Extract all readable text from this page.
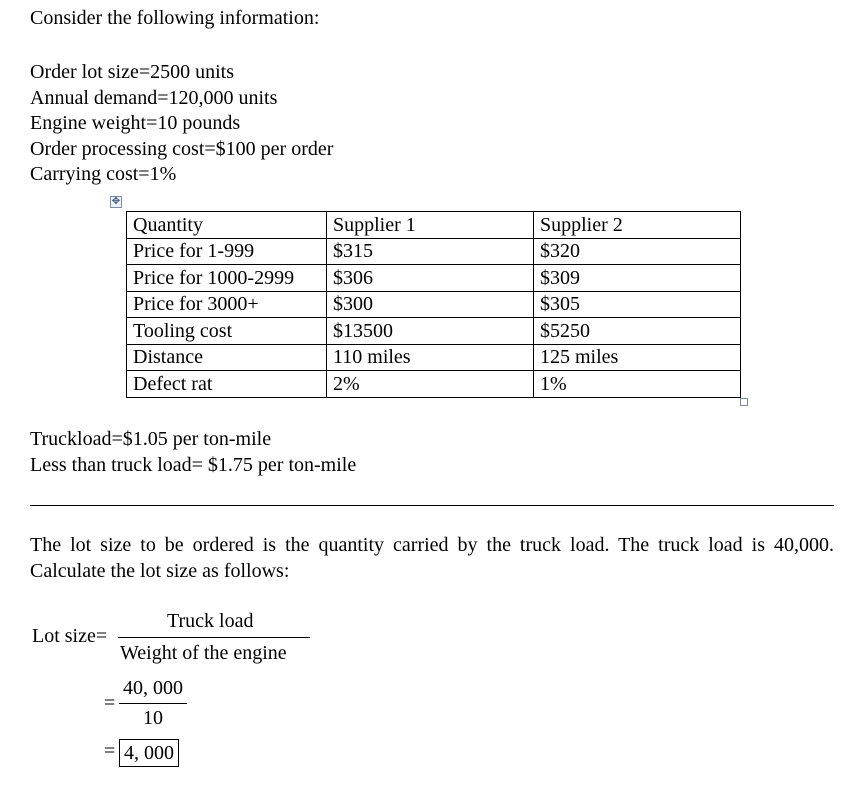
Consider the following information:
Order lot size=2500 units
Annual demand=120,000 units
Engine weight=10 pounds
Order processing cost=$100 per order
Carrying cost=1%
✥
Quantity	Supplier 1	Supplier 2
Price for 1-999	$315	$320
Price for 1000-2999	$306	$309
Price for 3000+	$300	$305
Tooling cost	$13500	$5250
Distance	110 miles	125 miles
Defect rat	2%	1%
Truckload=$1.05 per ton-mile
Less than truck load= $1.75 per ton-mile
The lot size to be ordered is the quantity carried by the truck load. The truck load is 40,000. Calculate the lot size as follows:
Lot size=
Truck load
Weight of the engine
=
40, 000
10
= 4, 000
